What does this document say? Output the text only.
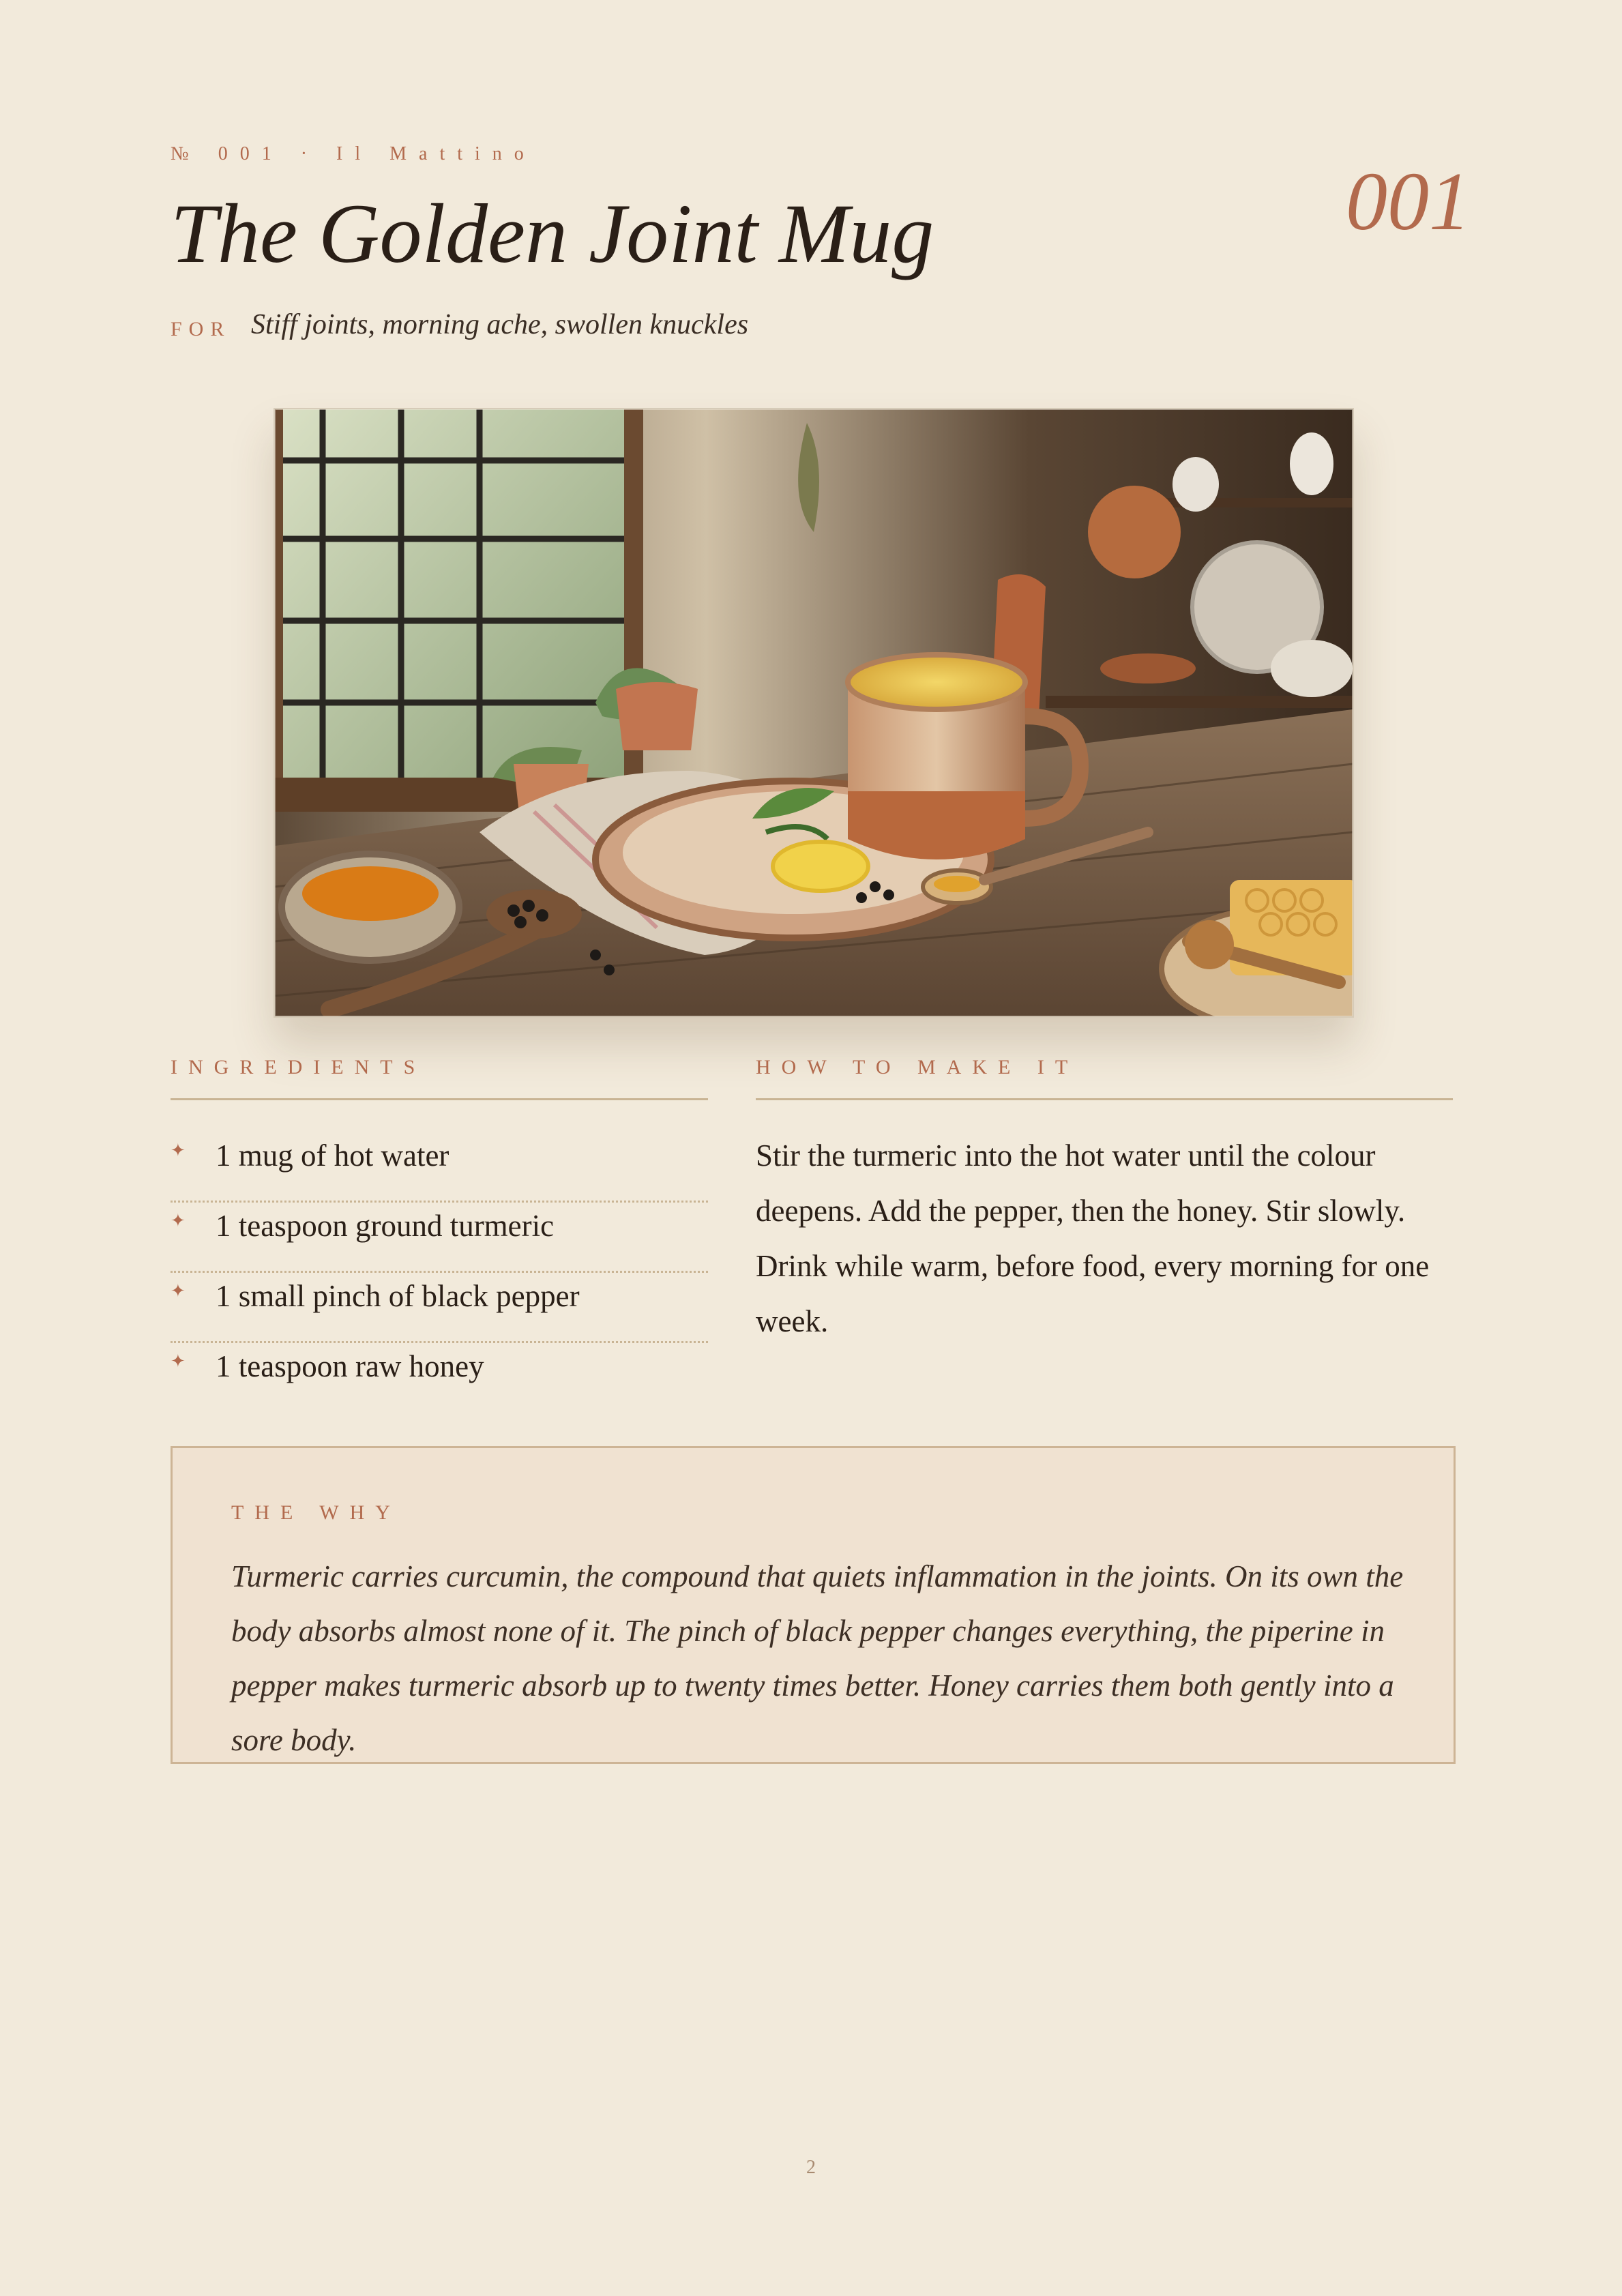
№ 001 · Il Mattino
The Golden Joint Mug	001
FOR Stiff joints, morning ache, swollen knuckles
INGREDIENTS
✦ 1 mug of hot water
✦ 1 teaspoon ground turmeric
✦ 1 small pinch of black pepper
✦ 1 teaspoon raw honey
HOW TO MAKE IT
Stir the turmeric into the hot water until the colour deepens. Add the pepper, then the honey. Stir slowly. Drink while warm, before food, every morning for one week.
THE WHY
Turmeric carries curcumin, the compound that quiets inflammation in the joints. On its own the body absorbs almost none of it. The pinch of black pepper changes everything, the piperine in pepper makes turmeric absorb up to twenty times better. Honey carries them both gently into a sore body.
2
